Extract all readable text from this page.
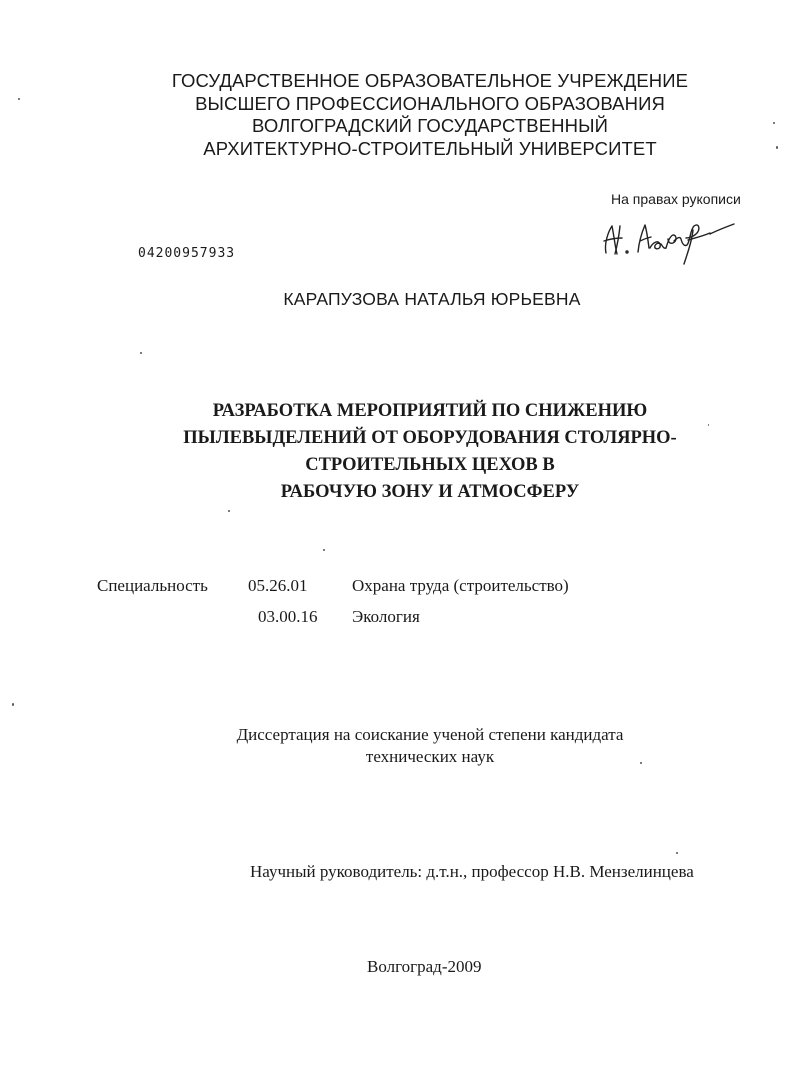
ГОСУДАРСТВЕННОЕ ОБРАЗОВАТЕЛЬНОЕ УЧРЕЖДЕНИЕ
ВЫСШЕГО ПРОФЕССИОНАЛЬНОГО ОБРАЗОВАНИЯ
ВОЛГОГРАДСКИЙ ГОСУДАРСТВЕННЫЙ
АРХИТЕКТУРНО-СТРОИТЕЛЬНЫЙ УНИВЕРСИТЕТ
На правах рукописи
04200957933
КАРАПУЗОВА НАТАЛЬЯ ЮРЬЕВНА
РАЗРАБОТКА МЕРОПРИЯТИЙ ПО СНИЖЕНИЮ
ПЫЛЕВЫДЕЛЕНИЙ ОТ ОБОРУДОВАНИЯ СТОЛЯРНО-
СТРОИТЕЛЬНЫХ ЦЕХОВ В
РАБОЧУЮ ЗОНУ И АТМОСФЕРУ
Специальность 05.26.01	Охрана труда (строительство)
03.00.16 Экология
Диссертация на соискание ученой степени кандидата
технических наук
Научный руководитель: д.т.н., профессор Н.В. Мензелинцева
Волгоград-2009
